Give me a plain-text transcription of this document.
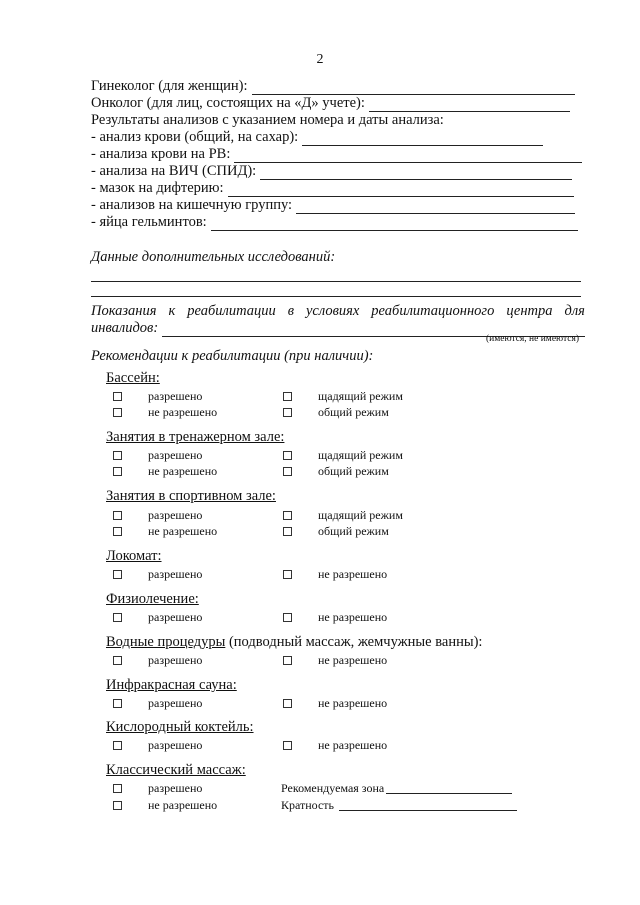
2
Гинеколог (для женщин):
Онколог (для лиц, состоящих на «Д» учете):
Результаты анализов с указанием номера и даты анализа:
- анализ крови (общий, на сахар):
- анализа крови на РВ:
- анализа на ВИЧ (СПИД):
- мазок на дифтерию:
- анализов на кишечную группу:
- яйца гельминтов:
Данные дополнительных исследований:
Показания к реабилитации в условиях реабилитационного центра для
инвалидов:
(имеются, не имеются)
Рекомендации к реабилитации (при наличии):
Бассейн:
разрешено	щадящий режим
не разрешено	общий режим
Занятия в тренажерном зале:
разрешено	щадящий режим
не разрешено	общий режим
Занятия в спортивном зале:
разрешено	щадящий режим
не разрешено	общий режим
Локомат:
разрешено	не разрешено
Физиолечение:
разрешено	не разрешено
Водные процедуры (подводный массаж, жемчужные ванны):
разрешено	не разрешено
Инфракрасная сауна:
разрешено	не разрешено
Кислородный коктейль:
разрешено	не разрешено
Классический массаж:
разрешено	Рекомендуемая зона
не разрешено	Кратность
